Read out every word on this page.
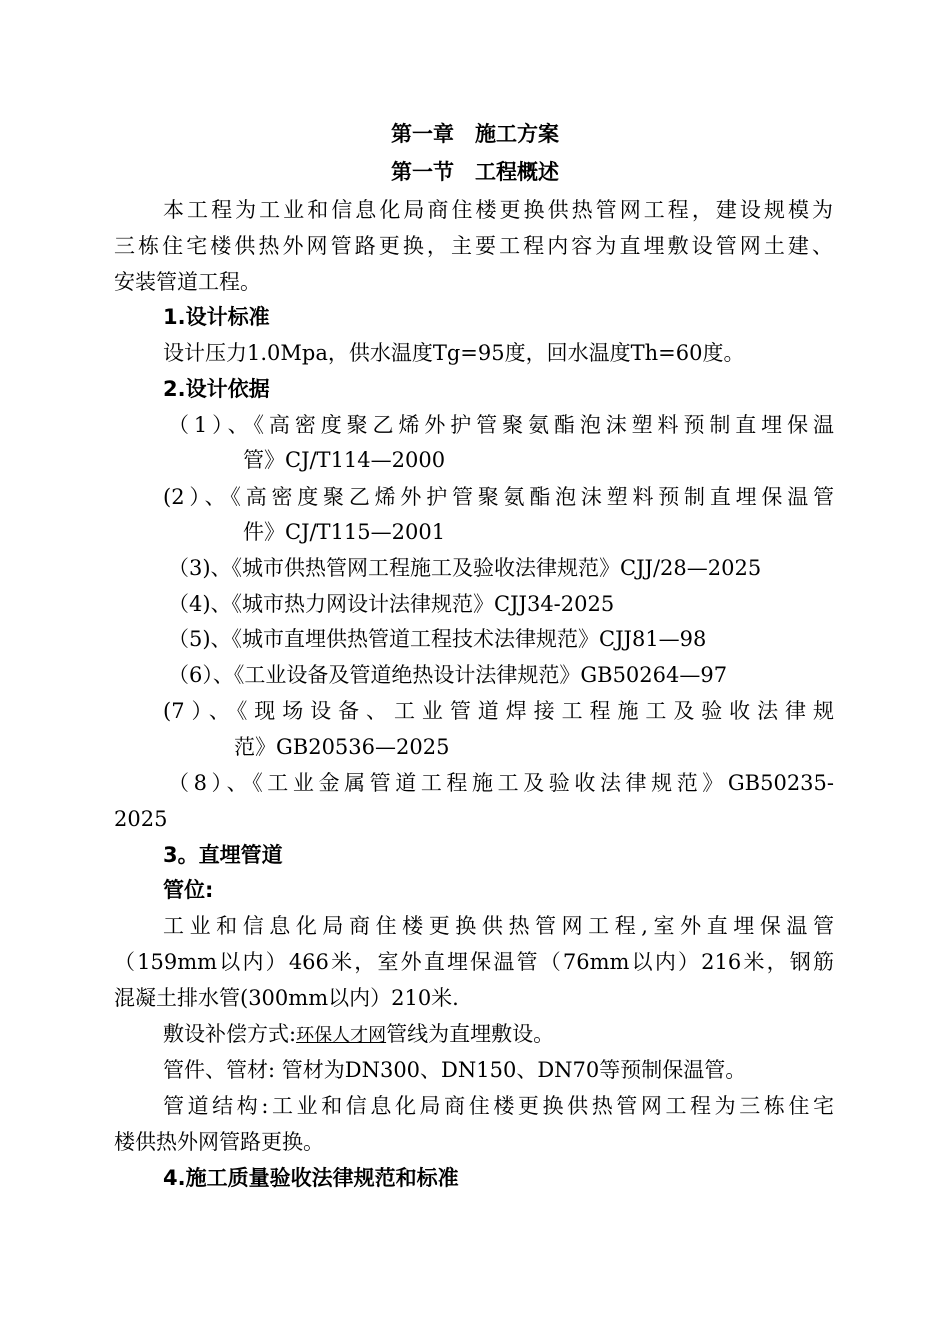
第一章　施工方案
第一节　工程概述
本工程为工业和信息化局商住楼更换供热管网工程，建设规模为
三栋住宅楼供热外网管路更换，主要工程内容为直埋敷设管网土建、
安装管道工程。
1.设计标准
设计压力1.0Mpa，供水温度Tg=95度，回水温度Th=60度。
2.设计依据
（1）、《高密度聚乙烯外护管聚氨酯泡沫塑料预制直埋保温
管》CJ/T114—2000
(2）、《高密度聚乙烯外护管聚氨酯泡沫塑料预制直埋保温管
件》CJ/T115—2001
（3)、《城市供热管网工程施工及验收法律规范》CJJ/28—2025
（4)、《城市热力网设计法律规范》CJJ34-2025
（5)、《城市直埋供热管道工程技术法律规范》CJJ81—98
（6）、《工业设备及管道绝热设计法律规范》GB50264—97
(7）、《现场设备、工业管道焊接工程施工及验收法律规
范》GB20536—2025
（8）、《工业金属管道工程施工及验收法律规范》GB50235-
2025
3。直埋管道
管位:
工业和信息化局商住楼更换供热管网工程,室外直埋保温管
（159mm以内）466米，室外直埋保温管（76mm以内）216米，钢筋
混凝土排水管(300mm以内）210米.
敷设补偿方式:环保人才网管线为直埋敷设。
管件、管材: 管材为DN300、DN150、DN70等预制保温管。
管道结构:工业和信息化局商住楼更换供热管网工程为三栋住宅
楼供热外网管路更换。
4.施工质量验收法律规范和标准
